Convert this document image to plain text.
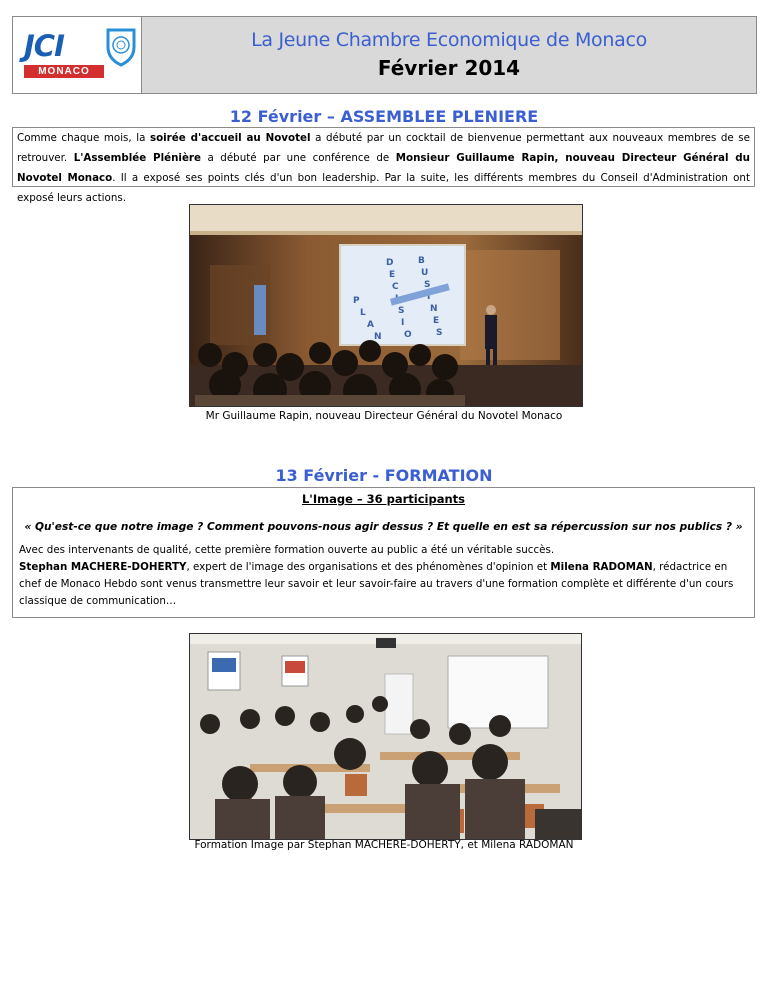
JCI
MONACO
La Jeune Chambre Economique de Monaco
Février 2014
12 Février – ASSEMBLEE PLENIERE
Comme chaque mois, la soirée d'accueil au Novotel a débuté par un cocktail de bienvenue permettant aux nouveaux membres de se retrouver. L'Assemblée Plénière a débuté par une conférence de Monsieur Guillaume Rapin, nouveau Directeur Général du Novotel Monaco. Il a exposé ses points clés d'un bon leadership. Par la suite, les différents membres du Conseil d'Administration ont exposé leurs actions.
D
E
C
S
I
O
B
U
S
I
N
E
S
P
L
A
N
Mr Guillaume Rapin, nouveau Directeur Général du Novotel Monaco
13 Février - FORMATION
L'Image – 36 participants
« Qu'est-ce que notre image ? Comment pouvons-nous agir dessus ? Et quelle en est sa répercussion sur nos publics ? »
Avec des intervenants de qualité, cette première formation ouverte au public a été un véritable succès.
Stephan MACHERE-DOHERTY, expert de l'image des organisations et des phénomènes d'opinion et Milena RADOMAN, rédactrice en chef de Monaco Hebdo sont venus transmettre leur savoir et leur savoir-faire au travers d'une formation complète et différente d'un cours classique de communication…
Formation Image par Stephan MACHERE-DOHERTY, et Milena RADOMAN
